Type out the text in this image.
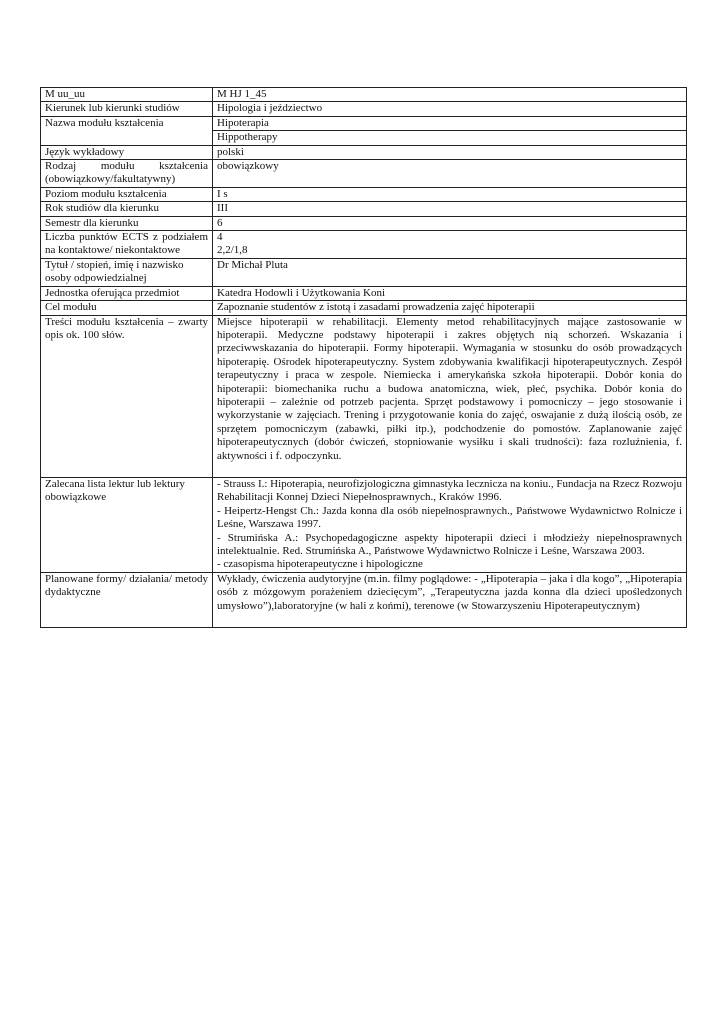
M uu_uu	M HJ 1_45
Kierunek lub kierunki studiów	Hipologia i jeździectwo
Nazwa modułu kształcenia	Hipoterapia
	Hippotherapy
Język wykładowy	polski
Rodzaj modułu kształcenia (obowiązkowy/fakultatywny)	obowiązkowy
Poziom modułu kształcenia	I s
Rok studiów dla kierunku	III
Semestr dla kierunku	6
Liczba punktów ECTS z podziałem na kontaktowe/ niekontaktowe	4
2,2/1,8

Tytuł / stopień, imię i nazwisko osoby odpowiedzialnej	Dr Michał Pluta
Jednostka oferująca przedmiot	Katedra Hodowli i Użytkowania Koni
Cel modułu	Zapoznanie studentów z istotą i zasadami prowadzenia zajęć hipoterapii
Treści modułu kształcenia – zwarty opis ok. 100 słów.	Miejsce hipoterapii w rehabilitacji. Elementy metod rehabilitacyjnych mające zastosowanie w hipoterapii. Medyczne podstawy hipoterapii i zakres objętych nią schorzeń. Wskazania i przeciwwskazania do hipoterapii. Formy hipoterapii. Wymagania w stosunku do osób prowadzących hipoterapię. Ośrodek hipoterapeutyczny. System zdobywania kwalifikacji hipoterapeutycznych. Zespół terapeutyczny i praca w zespole. Niemiecka i amerykańska szkoła hipoterapii. Dobór konia do hipoterapii: biomechanika ruchu a budowa anatomiczna, wiek, płeć, psychika. Dobór konia do hipoterapii – zależnie od potrzeb pacjenta. Sprzęt podstawowy i pomocniczy – jego stosowanie i wykorzystanie w zajęciach. Trening i przygotowanie konia do zajęć, oswajanie z dużą ilością osób, ze sprzętem pomocniczym (zabawki, piłki itp.), podchodzenie do pomostów. Zaplanowanie zajęć hipoterapeutycznych (dobór ćwiczeń, stopniowanie wysiłku i skali trudności): faza rozluźnienia, f. aktywności i f. odpoczynku.
Zalecana lista lektur lub lektury obowiązkowe	- Strauss I.: Hipoterapia, neurofizjologiczna gimnastyka lecznicza na koniu., Fundacja na Rzecz Rozwoju Rehabilitacji Konnej Dzieci Niepełnosprawnych., Kraków 1996.
- Heipertz-Hengst Ch.: Jazda konna dla osób niepełnosprawnych., Państwowe Wydawnictwo Rolnicze i Leśne, Warszawa 1997.
- Strumińska A.: Psychopedagogiczne aspekty hipoterapii dzieci i młodzieży niepełnosprawnych intelektualnie. Red. Strumińska A., Państwowe Wydawnictwo Rolnicze i Leśne, Warszawa 2003.
- czasopisma hipoterapeutyczne i hipologiczne

Planowane formy/ działania/ metody dydaktyczne	Wykłady, ćwiczenia audytoryjne (m.in. filmy poglądowe: - „Hipoterapia – jaka i dla kogo”, „Hipoterapia osób z mózgowym porażeniem dziecięcym”, „Terapeutyczna jazda konna dla dzieci upośledzonych umysłowo”),laboratoryjne (w hali z końmi), terenowe (w Stowarzyszeniu Hipoterapeutycznym)
